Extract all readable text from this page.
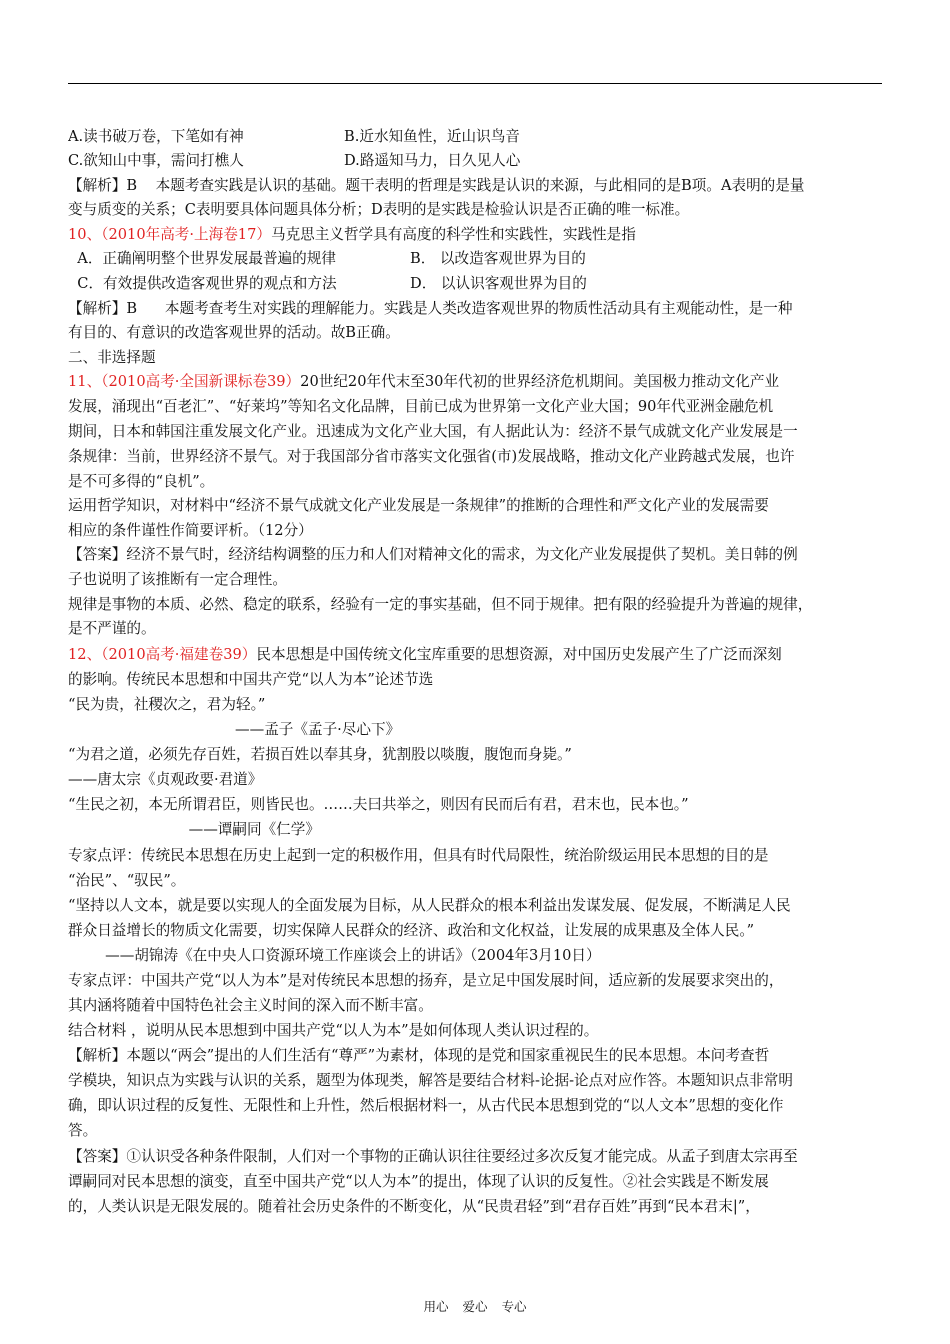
A.读书破万卷，下笔如有神	B.近水知鱼性，近山识鸟音
C.欲知山中事，需问打樵人	D.路遥知马力，日久见人心
【解析】B    本题考查实践是认识的基础。题干表明的哲理是实践是认识的来源，与此相同的是B项。A表明的是量
变与质变的关系；C表明要具体问题具体分析；D表明的是实践是检验认识是否正确的唯一标准。
10、（2010年高考·上海卷17）马克思主义哲学具有高度的科学性和实践性，实践性是指
A．正确阐明整个世界发展最普遍的规律	B． 以改造客观世界为目的
C．有效提供改造客观世界的观点和方法	D． 以认识客观世界为目的
【解析】B      本题考查考生对实践的理解能力。实践是人类改造客观世界的物质性活动具有主观能动性，是一种
有目的、有意识的改造客观世界的活动。故B正确。
二、非选择题
11、（2010高考·全国新课标卷39）20世纪20年代末至30年代初的世界经济危机期间。美国极力推动文化产业
发展，涌现出“百老汇”、“好莱坞”等知名文化品牌，目前已成为世界第一文化产业大国；90年代亚洲金融危机
期间，日本和韩国注重发展文化产业。迅速成为文化产业大国，有人据此认为：经济不景气成就文化产业发展是一
条规律：当前，世界经济不景气。对于我国部分省市落实文化强省(市)发展战略，推动文化产业跨越式发展，也许
是不可多得的“良机”。
运用哲学知识，对材料中“经济不景气成就文化产业发展是一条规律”的推断的合理性和严文化产业的发展需要
相应的条件谨性作简要评析。（12分）
【答案】经济不景气时，经济结构调整的压力和人们对精神文化的需求，为文化产业发展提供了契机。美日韩的例
子也说明了该推断有一定合理性。
规律是事物的本质、必然、稳定的联系，经验有一定的事实基础，但不同于规律。把有限的经验提升为普遍的规律，
是不严谨的。
12、（2010高考·福建卷39）民本思想是中国传统文化宝库重要的思想资源，对中国历史发展产生了广泛而深刻
的影响。传统民本思想和中国共产党“以人为本”论述节选
“民为贵，社稷次之，君为轻。”
——孟子《孟子·尽心下》
“为君之道，必须先存百姓，若损百姓以奉其身，犹割股以啖腹，腹饱而身毙。”
——唐太宗《贞观政要·君道》
“生民之初，本无所谓君臣，则皆民也。……夫曰共举之，则因有民而后有君，君末也，民本也。”
——谭嗣同《仁学》
专家点评：传统民本思想在历史上起到一定的积极作用，但具有时代局限性，统治阶级运用民本思想的目的是
“治民”、“驭民”。
“坚持以人文本，就是要以实现人的全面发展为目标，从人民群众的根本利益出发谋发展、促发展，不断满足人民
群众日益增长的物质文化需要，切实保障人民群众的经济、政治和文化权益，让发展的成果惠及全体人民。”
——胡锦涛《在中央人口资源环境工作座谈会上的讲话》（2004年3月10日）
专家点评：中国共产党“以人为本”是对传统民本思想的扬弃，是立足中国发展时间，适应新的发展要求突出的，
其内涵将随着中国特色社会主义时间的深入而不断丰富。
结合材料 ，说明从民本思想到中国共产党“以人为本”是如何体现人类认识过程的。
【解析】本题以“两会”提出的人们生活有“尊严”为素材，体现的是党和国家重视民生的民本思想。本问考查哲
学模块，知识点为实践与认识的关系，题型为体现类，解答是要结合材料-论据-论点对应作答。本题知识点非常明
确，即认识过程的反复性、无限性和上升性，然后根据材料一，从古代民本思想到党的“以人文本”思想的变化作
答。
【答案】①认识受各种条件限制，人们对一个事物的正确认识往往要经过多次反复才能完成。从孟子到唐太宗再至
谭嗣同对民本思想的演变，直至中国共产党“以人为本”的提出，体现了认识的反复性。②社会实践是不断发展
的，人类认识是无限发展的。随着社会历史条件的不断变化，从“民贵君轻”到“君存百姓”再到“民本君末|”，
用心 爱心 专心
